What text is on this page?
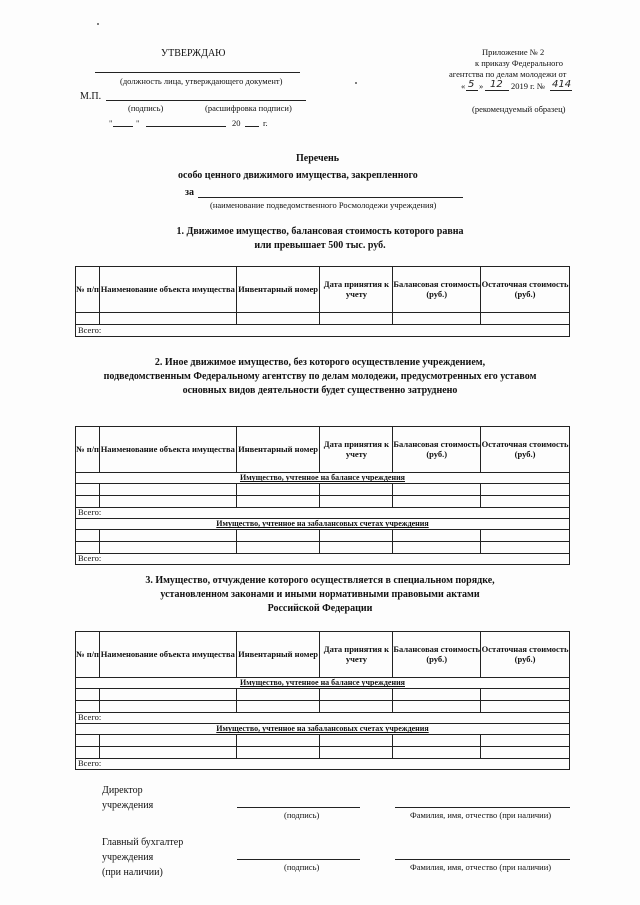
УТВЕРЖДАЮ
(должность лица, утверждающего документ)
М.П.
(подпись)	(расшифровка подписи)
"	"	20	г.
Приложение № 2
к приказу Федерального
агентства по делам молодежи от
« 5 » 12 2019 г. № 414
(рекомендуемый образец)
Перечень
особо ценного движимого имущества, закрепленного
за
(наименование подведомственного Росмолодежи учреждения)
1. Движимое имущество, балансовая стоимость которого равна
или превышает 500 тыс. руб.
№ п/п	Наименование объекта имущества	Инвентарный номер	Дата принятия к учету	Балансовая стоимость (руб.)	Остаточная стоимость (руб.)

Всего:					
2. Иное движимое имущество, без которого осуществление учреждением,
подведомственным Федеральному агентству по делам молодежи, предусмотренных его уставом
основных видов деятельности будет существенно затруднено
№ п/п	Наименование объекта имущества	Инвентарный номер	Дата принятия к учету	Балансовая стоимость (руб.)	Остаточная стоимость (руб.)
Имущество, учтенное на балансе учреждения					

Всего:					
Имущество, учтенное на забалансовых счетах учреждения					

Всего:					
3. Имущество, отчуждение которого осуществляется в специальном порядке,
установленном законами и иными нормативными правовыми актами
Российской Федерации
№ п/п	Наименование объекта имущества	Инвентарный номер	Дата принятия к учету	Балансовая стоимость (руб.)	Остаточная стоимость (руб.)
Имущество, учтенное на балансе учреждения					

Всего:					
Имущество, учтенное на забалансовых счетах учреждения					

Всего:					
Директор
учреждения
(подпись)	Фамилия, имя, отчество (при наличии)
Главный бухгалтер
учреждения
(при наличии)	(подпись)	Фамилия, имя, отчество (при наличии)
